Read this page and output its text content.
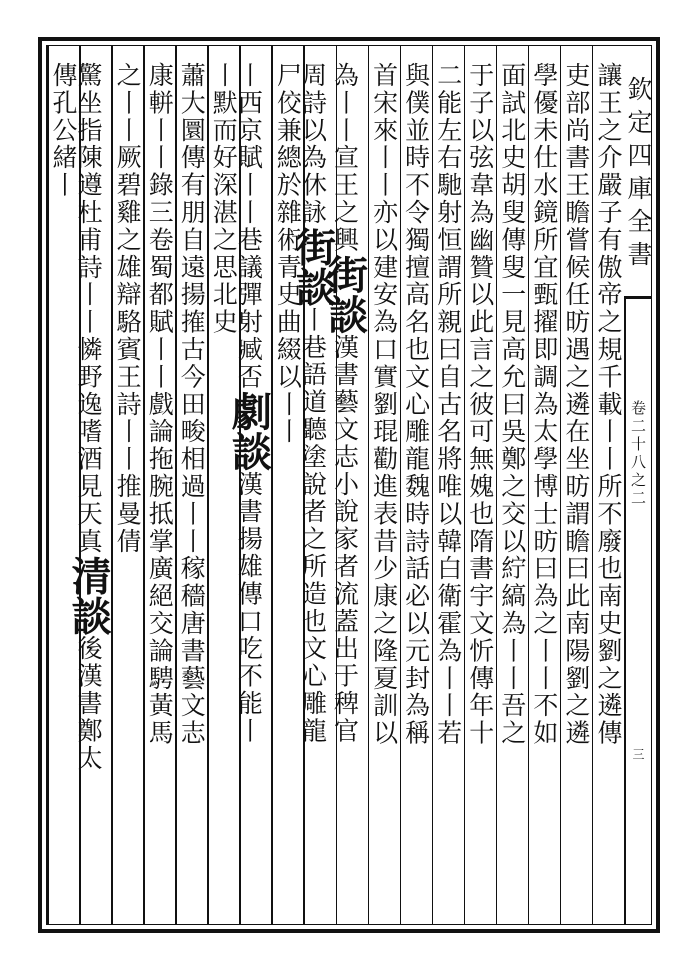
讓王之介嚴子有傲帝之規千載丨丨所不廢也南史劉之遴傳
吏部尚書王瞻嘗候任昉遇之遴在坐昉謂瞻曰此南陽劉之遴
學優未仕水鏡所宜甄擢即調為太學博士昉曰為之丨丨不如
面試北史胡叟傳叟一見高允曰吳鄭之交以紵縞為丨丨吾之
于子以弦韋為幽贊以此言之彼可無媿也隋書宇文忻傳年十
二能左右馳射恒謂所親曰自古名將唯以韓白衛霍為丨丨若
與僕並時不令獨擅高名也文心雕龍魏時詩話必以元封為稱
首宋來丨丨亦以建安為口實劉琨勸進表昔少康之隆夏訓以
為丨丨宣王之興街談漢書藝文志小說家者流蓋出于稗官
周詩以為休詠街談丨巷語道聽塗說者之所造也文心雕龍
尸佼兼總於雜術青史曲綴以丨丨
丨西京賦丨丨巷議彈射臧否劇談漢書揚雄傳口吃不能丨
丨默而好深湛之思北史
蕭大圜傳有朋自遠揚搉古今田畯相過丨丨稼穡唐書藝文志
康軿丨丨錄三卷蜀都賦丨丨戲論拖腕抵掌廣絕交論騁黃馬
之丨丨厥碧雞之雄辯駱賓王詩丨丨推曼倩
驚坐指陳遵杜甫詩丨丨憐野逸嗜酒見天真清談後漢書鄭太
傳孔公緒丨	欽定四庫全書
卷二十八之二
三
